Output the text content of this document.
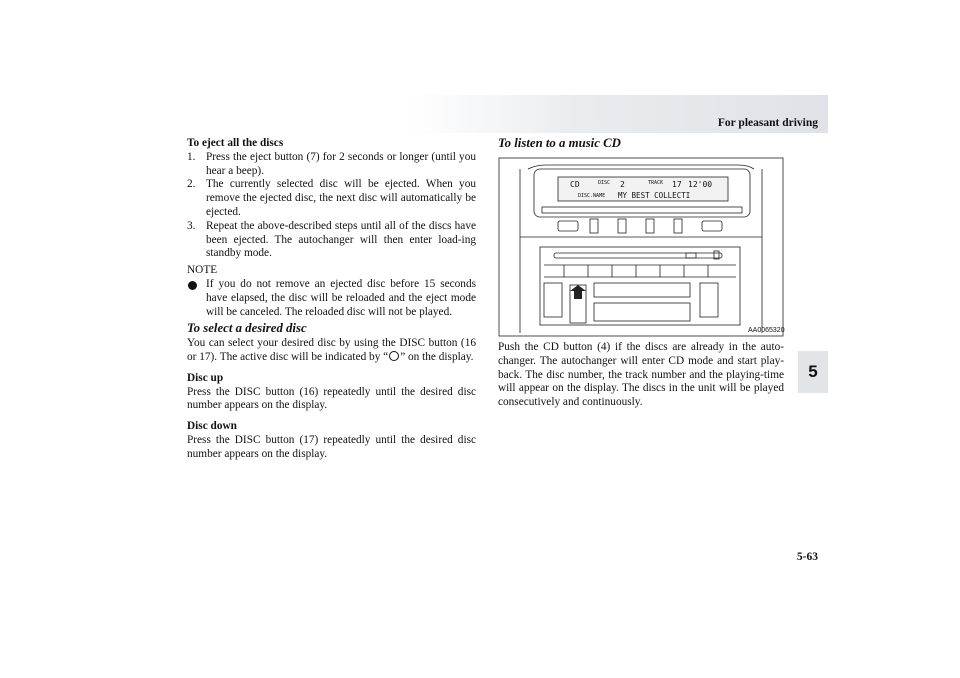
For pleasant driving
5
5-63

To eject all the discs

1. Press the eject button (7) for 2 seconds or longer (until you hear a beep).
2. The currently selected disc will be ejected. When you remove the ejected disc, the next disc will automatically be ejected.
3. Repeat the above-described steps until all of the discs have been ejected. The autochanger will then enter load-ing standby mode.

NOTE

If you do not remove an ejected disc before 15 seconds have elapsed, the disc will be reloaded and the eject mode will be canceled. The reloaded disc will not be played.

To select a desired disc

You can select your desired disc by using the DISC button (16 or 17). The active disc will be indicated by “ ” on the display.

Disc up

Press the DISC button (16) repeatedly until the desired disc number appears on the display.

Disc down

Press the DISC button (17) repeatedly until the desired disc number appears on the display.

To listen to a music CD

CD	DISC 2	TRACK 17 12'00
DISC.NAME MY BEST COLLECTI
AA0065320
Push the CD button (4) if the discs are already in the auto-changer. The autochanger will enter CD mode and start play-back. The disc number, the track number and the playing-time will appear on the display. The discs in the unit will be played consecutively and continuously.
